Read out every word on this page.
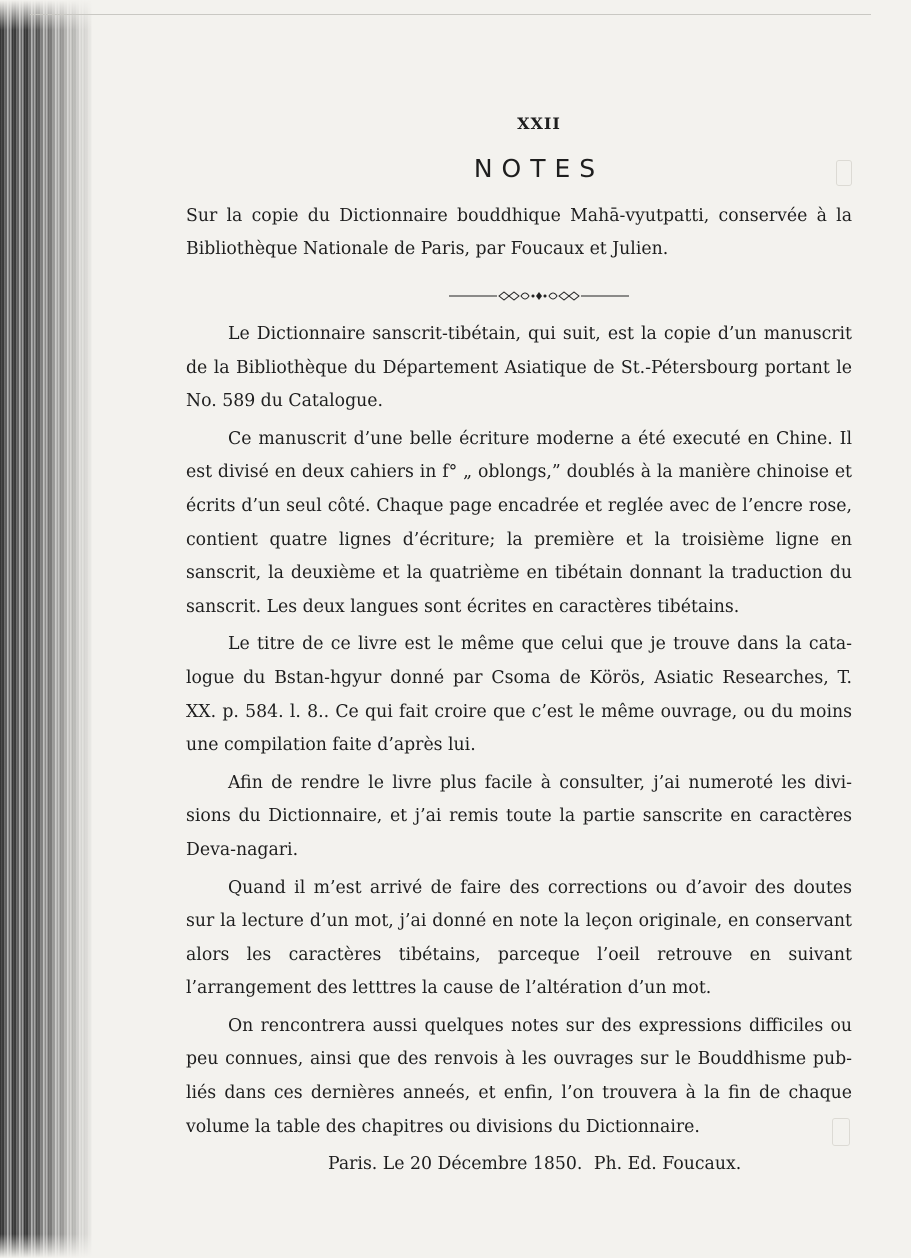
XXII
NOTES
Sur la copie du Dictionnaire bouddhique Mahā-vyutpatti, conservée à la Bibliothèque Nationale de Paris, par Foucaux et Julien.

Le Dictionnaire sanscrit-tibétain, qui suit, est la copie d’un manuscrit de la Bibliothèque du Département Asiatique de St.-Pétersbourg portant le No. 589 du Catalogue.

Ce manuscrit d’une belle écriture moderne a été executé en Chine. Il est divisé en deux cahiers in f° „ oblongs,” doublés à la manière chinoise et écrits d’un seul côté. Chaque page encadrée et reglée avec de l’encre rose, contient quatre lignes d’écriture; la première et la troisième ligne en sanscrit, la deuxième et la quatrième en tibétain donnant la traduction du sanscrit. Les deux langues sont écrites en caractères tibétains.

Le titre de ce livre est le même que celui que je trouve dans la catalogue du Bstan-hgyur donné par Csoma de Körös, Asiatic Researches, T. XX. p. 584. l. 8.. Ce qui fait croire que c’est le même ouvrage, ou du moins une compilation faite d’après lui.

Afin de rendre le livre plus facile à consulter, j’ai numeroté les divisions du Dictionnaire, et j’ai remis toute la partie sanscrite en caractères Deva-nagari.

Quand il m’est arrivé de faire des corrections ou d’avoir des doutes sur la lecture d’un mot, j’ai donné en note la leçon originale, en conservant alors les caractères tibétains, parceque l’oeil retrouve en suivant l’arrangement des letttres la cause de l’altération d’un mot.

On rencontrera aussi quelques notes sur des expressions difficiles ou peu connues, ainsi que des renvois à les ouvrages sur le Bouddhisme publiés dans ces dernières anneés, et enfin, l’on trouvera à la fin de chaque volume la table des chapitres ou divisions du Dictionnaire.

Paris. Le 20 Décembre 1850. Ph. Ed. Foucaux.
